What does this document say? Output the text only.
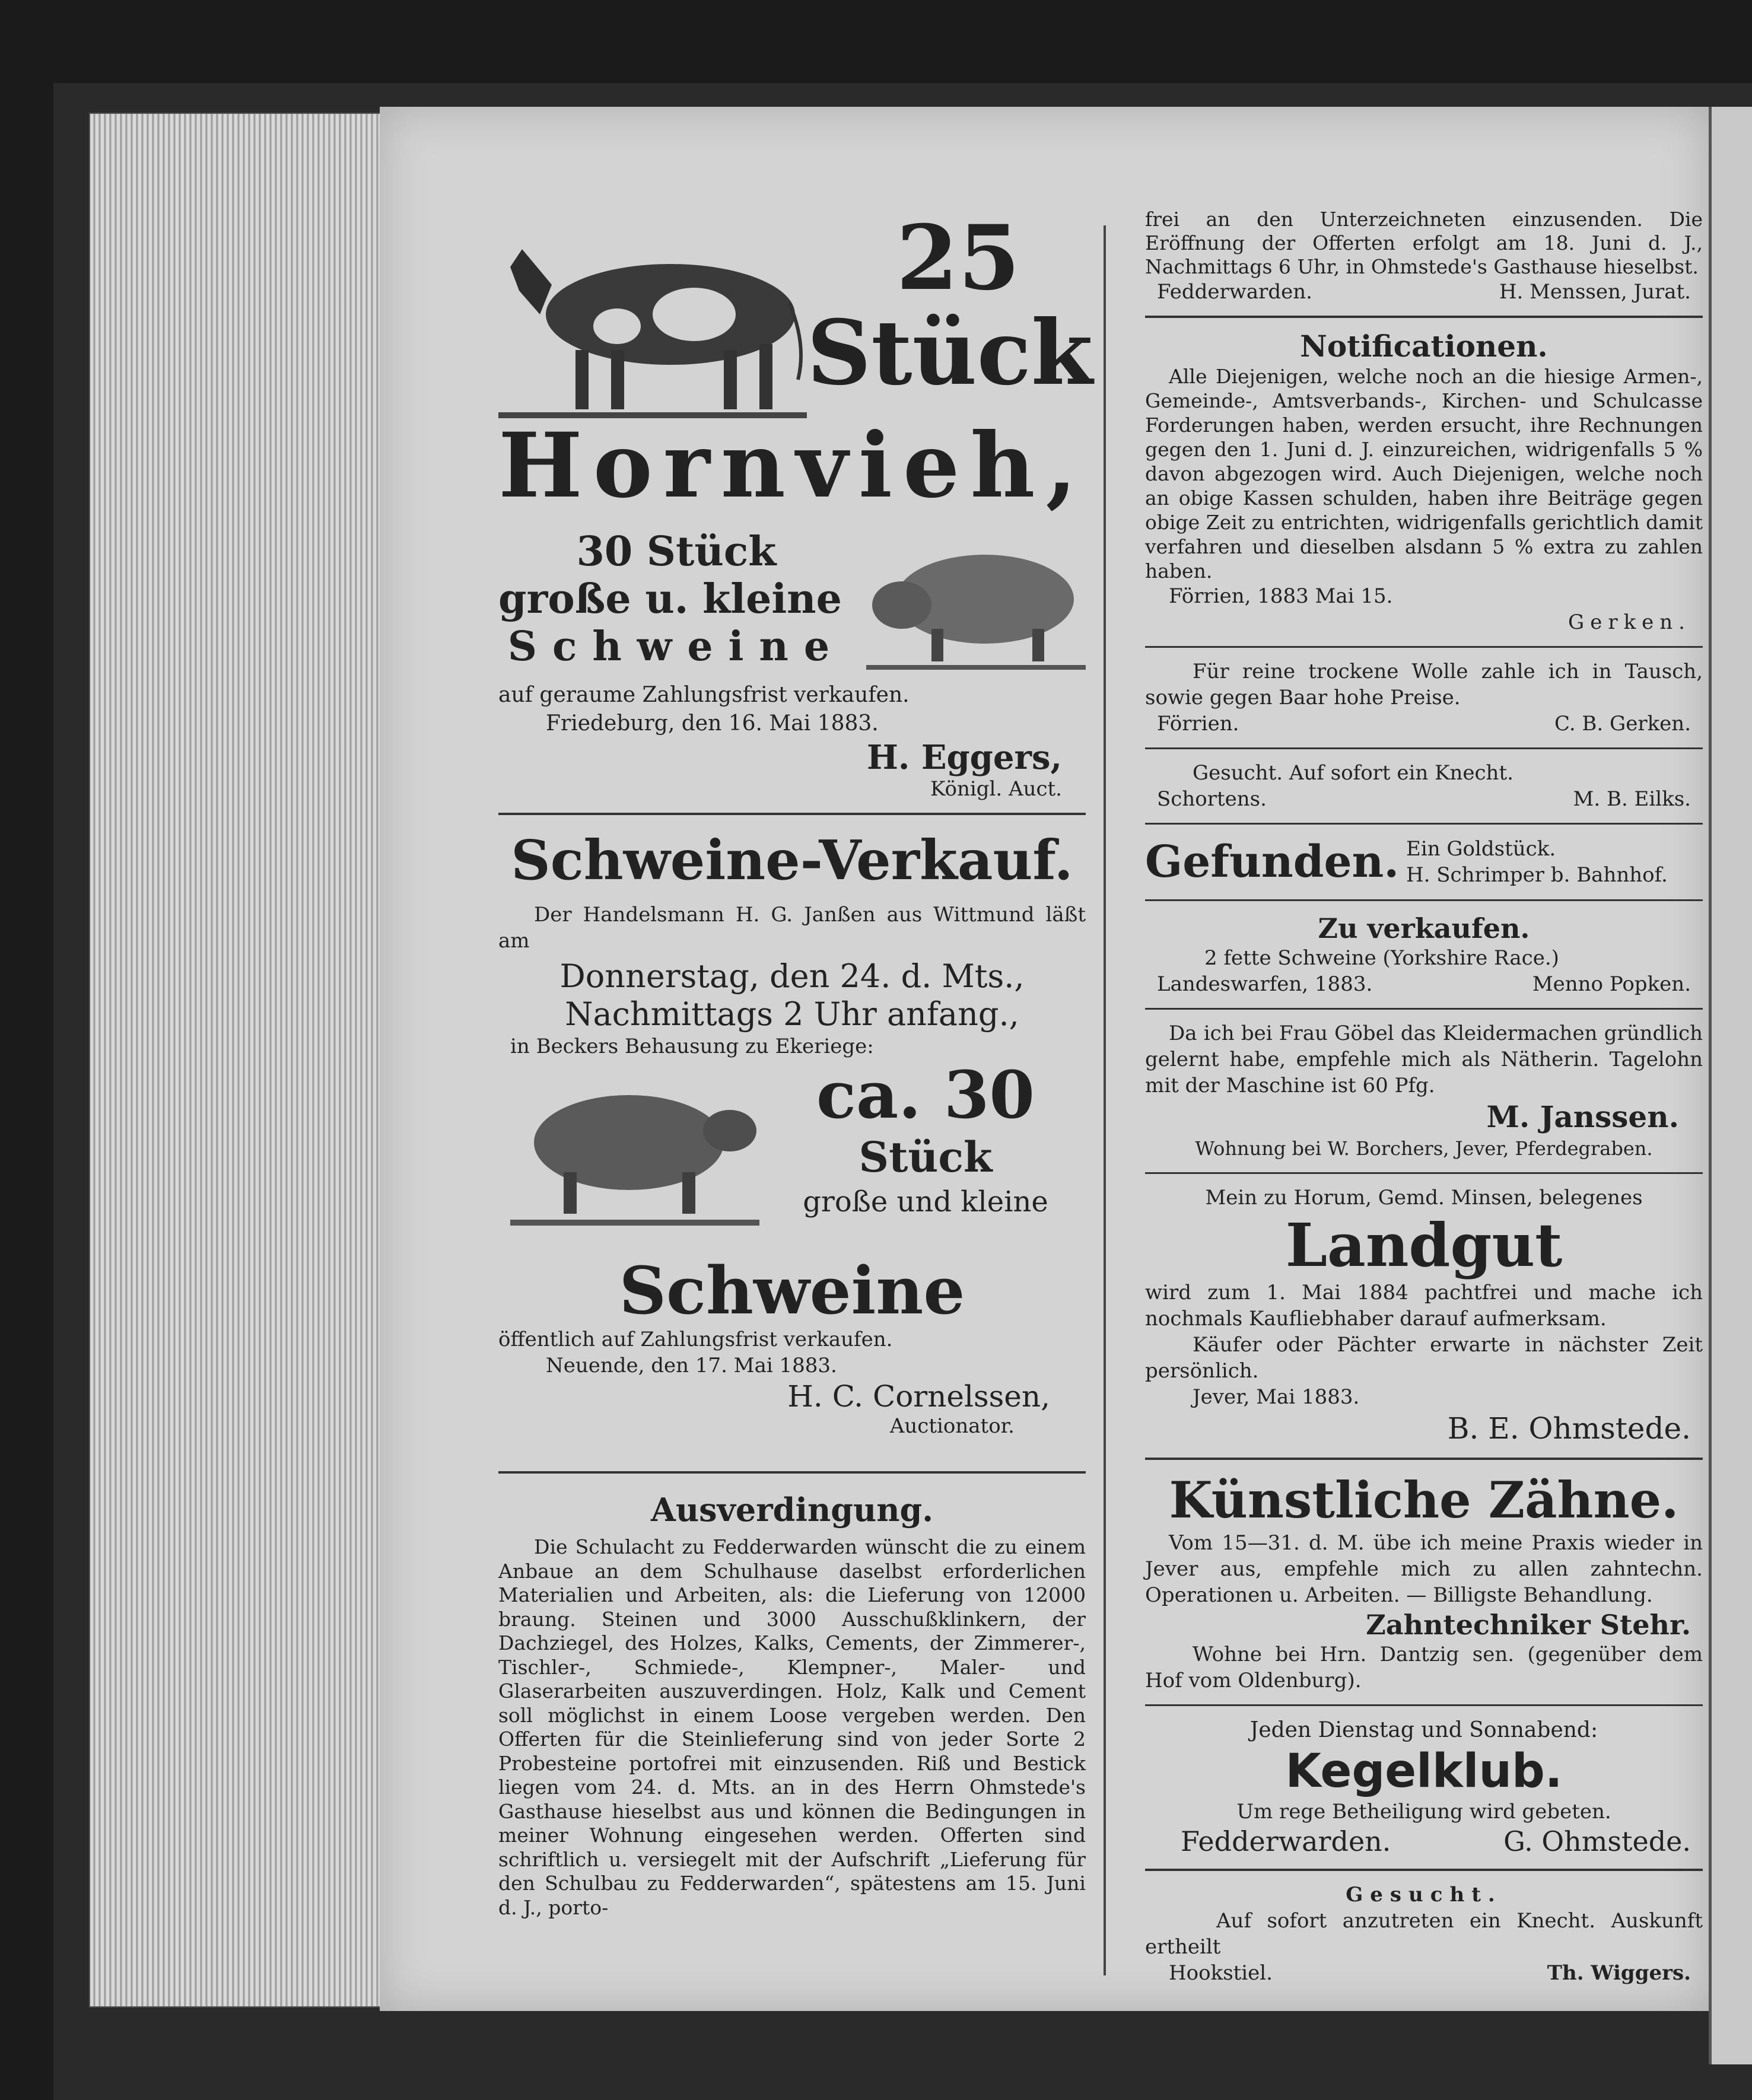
25
Stück
Hornvieh,
30 Stück
große u. kleine
Schweine
auf geraume Zahlungsfrist verkaufen.
Friedeburg, den 16. Mai 1883.
H. Eggers,
Königl. Auct.
Schweine-Verkauf.
Der Handelsmann H. G. Janßen aus Wittmund läßt am
Donnerstag, den 24. d. Mts.,
Nachmittags 2 Uhr anfang.,
in Beckers Behausung zu Ekeriege:
ca. 30
Stück
große und kleine
Schweine
öffentlich auf Zahlungsfrist verkaufen.
Neuende, den 17. Mai 1883.
H. C. Cornelssen,
Auctionator.
Ausverdingung.
Die Schulacht zu Fedderwarden wünscht die zu einem Anbaue an dem Schulhause daselbst erforderlichen Materialien und Arbeiten, als: die Lieferung von 12000 braung. Steinen und 3000 Ausschußklinkern, der Dachziegel, des Holzes, Kalks, Cements, der Zimmerer-, Tischler-, Schmiede-, Klempner-, Maler- und Glaserarbeiten auszuverdingen. Holz, Kalk und Cement soll möglichst in einem Loose vergeben werden. Den Offerten für die Steinlieferung sind von jeder Sorte 2 Probesteine portofrei mit einzusenden. Riß und Bestick liegen vom 24. d. Mts. an in des Herrn Ohmstede's Gasthause hieselbst aus und können die Bedingungen in meiner Wohnung eingesehen werden. Offerten sind schriftlich u. versiegelt mit der Aufschrift „Lieferung für den Schulbau zu Fedderwarden“, spätestens am 15. Juni d. J., porto-
frei an den Unterzeichneten einzusenden. Die Eröffnung der Offerten erfolgt am 18. Juni d. J., Nachmittags 6 Uhr, in Ohmstede's Gasthause hieselbst.
Fedderwarden.	H. Menssen, Jurat.
Notificationen.
Alle Diejenigen, welche noch an die hiesige Armen-, Gemeinde-, Amtsverbands-, Kirchen- und Schulcasse Forderungen haben, werden ersucht, ihre Rechnungen gegen den 1. Juni d. J. einzureichen, widrigenfalls 5 % davon abgezogen wird. Auch Diejenigen, welche noch an obige Kassen schulden, haben ihre Beiträge gegen obige Zeit zu entrichten, widrigenfalls gerichtlich damit verfahren und dieselben alsdann 5 % extra zu zahlen haben.
Förrien, 1883 Mai 15.
Gerken.
Für reine trockene Wolle zahle ich in Tausch, sowie gegen Baar hohe Preise.
Förrien.	C. B. Gerken.
Gesucht. Auf sofort ein Knecht.
Schortens.	M. B. Eilks.
Gefunden. Ein Goldstück.
H. Schrimper b. Bahnhof.
Zu verkaufen.
2 fette Schweine (Yorkshire Race.)
Landeswarfen, 1883.	Menno Popken.
Da ich bei Frau Göbel das Kleidermachen gründlich gelernt habe, empfehle mich als Nätherin. Tagelohn mit der Maschine ist 60 Pfg.
M. Janssen.
Wohnung bei W. Borchers, Jever, Pferdegraben.
Mein zu Horum, Gemd. Minsen, belegenes
Landgut
wird zum 1. Mai 1884 pachtfrei und mache ich nochmals Kaufliebhaber darauf aufmerksam.
Käufer oder Pächter erwarte in nächster Zeit persönlich.
Jever, Mai 1883.
B. E. Ohmstede.
Künstliche Zähne.
Vom 15—31. d. M. übe ich meine Praxis wieder in Jever aus, empfehle mich zu allen zahntechn. Operationen u. Arbeiten. — Billigste Behandlung.
Zahntechniker Stehr.
Wohne bei Hrn. Dantzig sen. (gegenüber dem Hof vom Oldenburg).
Jeden Dienstag und Sonnabend:
Kegelklub.
Um rege Betheiligung wird gebeten.
Fedderwarden.	G. Ohmstede.
Gesucht.
Auf sofort anzutreten ein Knecht. Auskunft ertheilt
Hookstiel.	Th. Wiggers.
